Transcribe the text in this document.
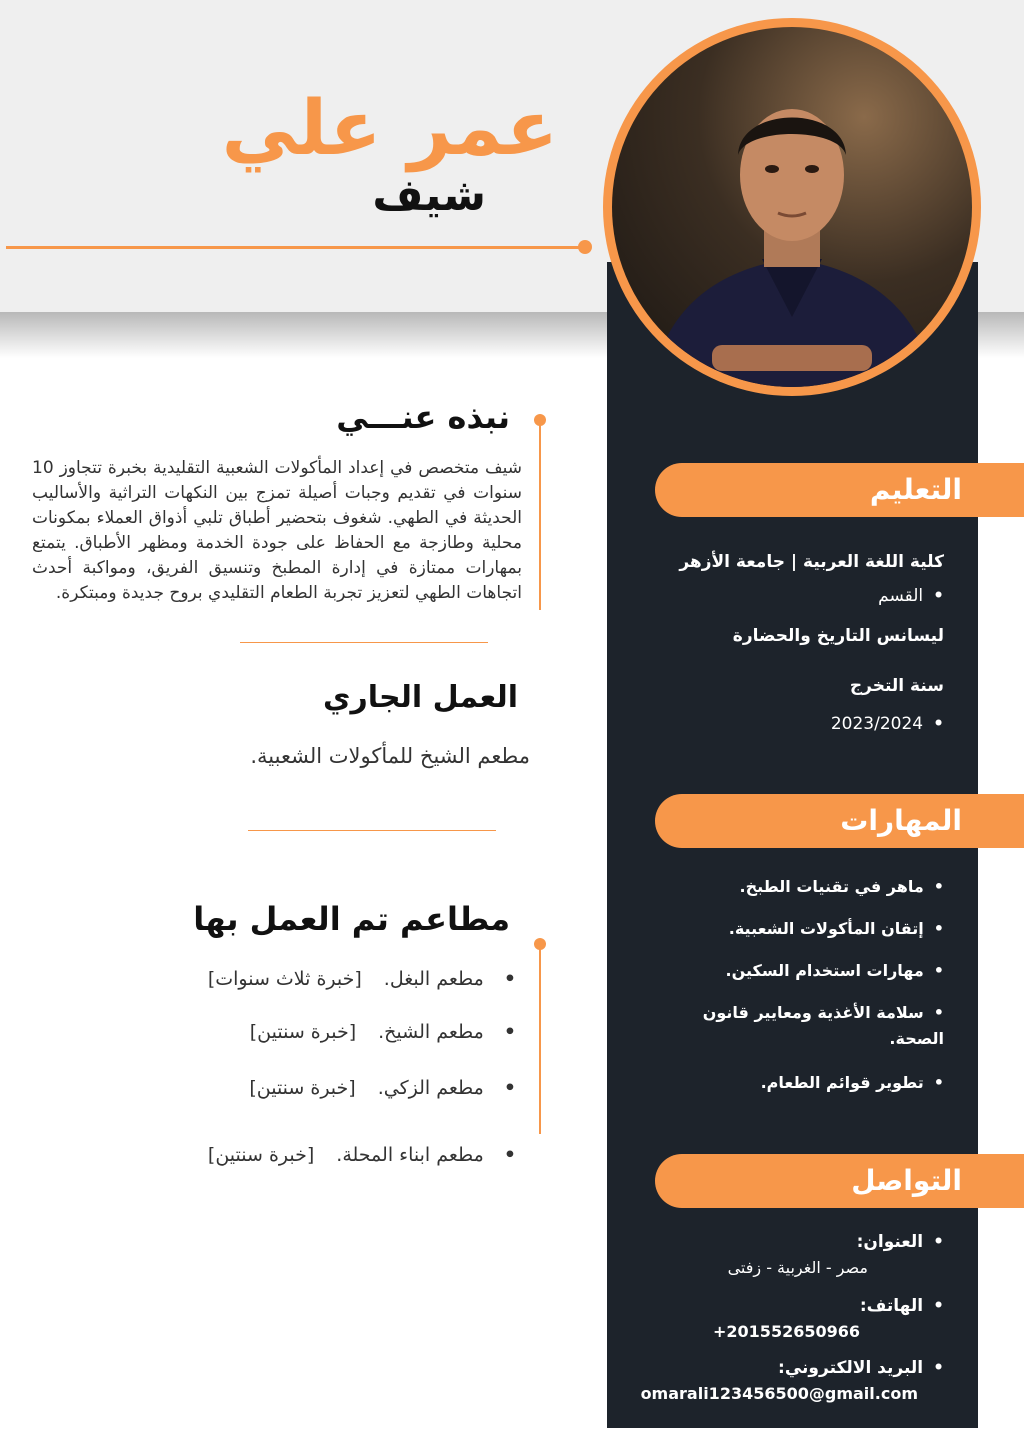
عمر علي
شيف
التعليم
كلية اللغة العربية | جامعة الأزهر
• القسم
ليسانس التاريخ والحضارة
سنة التخرج
• 2023/2024
المهارات
• ماهر في تقنيات الطبخ.
• إتقان المأكولات الشعبية.
• مهارات استخدام السكين.
• سلامة الأغذية ومعايير قانون الصحة.
• تطوير قوائم الطعام.
التواصل
• العنوان:
مصر - الغربية - زفتى
• الهاتف:
+201552650966
• البريد الالكتروني:
omarali123456500@gmail.com
نبذه عنـــي
شيف متخصص في إعداد المأكولات الشعبية التقليدية بخبرة تتجاوز 10 سنوات في تقديم وجبات أصيلة تمزج بين النكهات التراثية والأساليب الحديثة في الطهي. شغوف بتحضير أطباق تلبي أذواق العملاء بمكونات محلية وطازجة مع الحفاظ على جودة الخدمة ومظهر الأطباق. يتمتع بمهارات ممتازة في إدارة المطبخ وتنسيق الفريق، ومواكبة أحدث اتجاهات الطهي لتعزيز تجربة الطعام التقليدي بروح جديدة ومبتكرة.
العمل الجاري
مطعم الشيخ للمأكولات الشعبية.
مطاعم تم العمل بها
• مطعم البغل.[خبرة ثلاث سنوات]
• مطعم الشيخ.[خبرة سنتين]
• مطعم الزكي.[خبرة سنتين]
• مطعم ابناء المحلة.[خبرة سنتين]
